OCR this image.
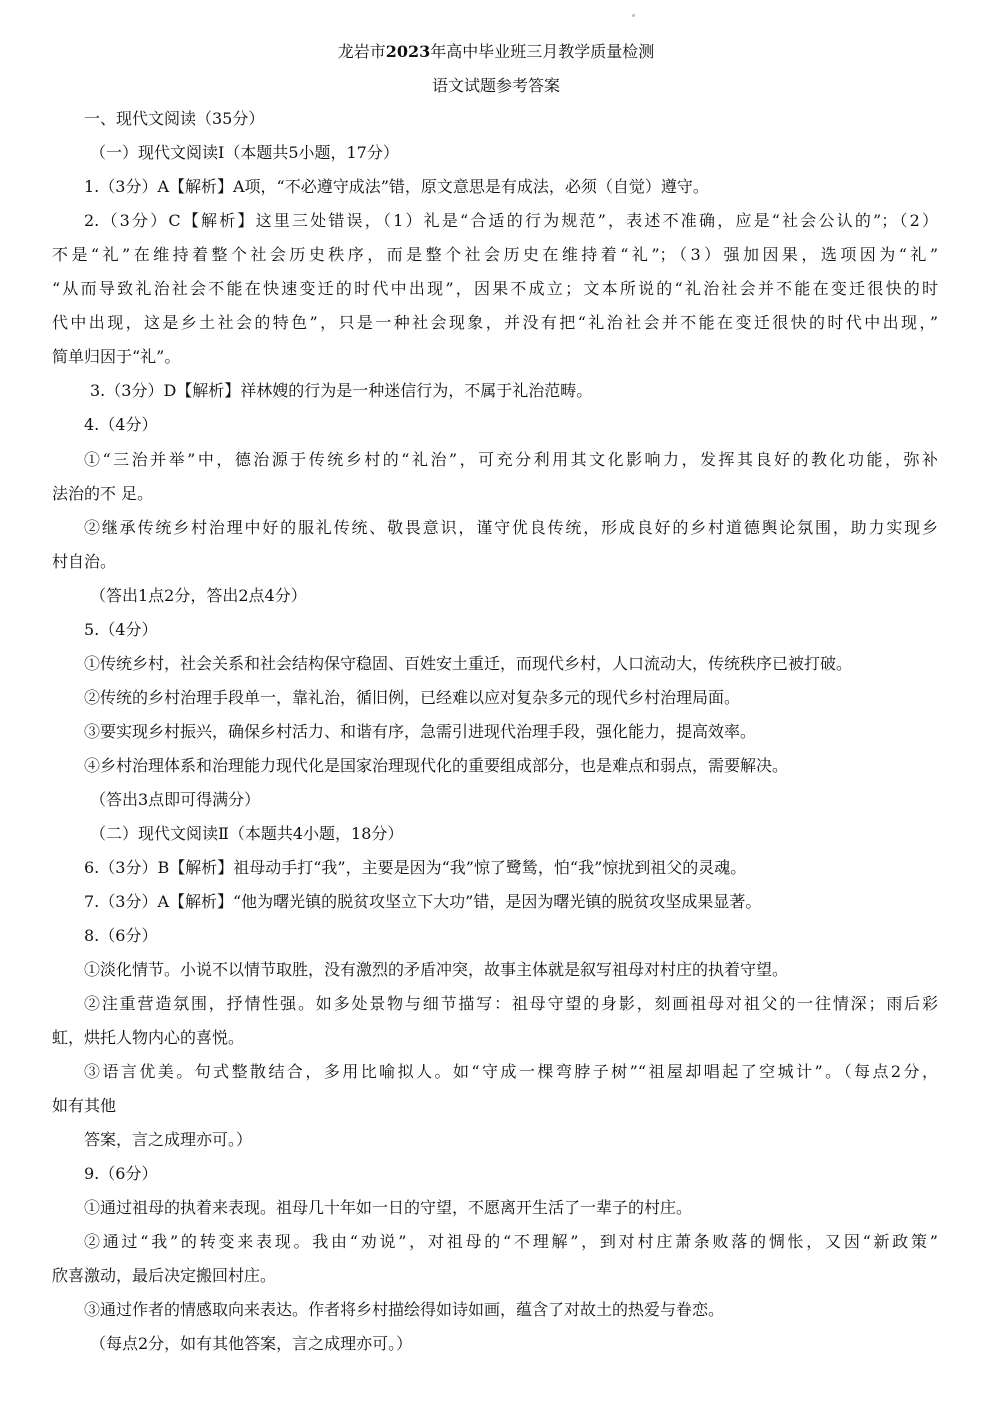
龙岩市2023年高中毕业班三月教学质量检测
语文试题参考答案
一、现代文阅读（35分）
（一）现代文阅读Ⅰ（本题共5小题，17分）
1.（3分）A【解析】A项，“不必遵守成法”错，原文意思是有成法，必须（自觉）遵守。
2.（3分）C【解析】这里三处错误，（1）礼是“合适的行为规范”，表述不准确，应是“社会公认的”；（2）
不是“礼”在维持着整个社会历史秩序，而是整个社会历史在维持着“礼”；（3）强加因果，选项因为“礼”
“从而导致礼治社会不能在快速变迁的时代中出现”，因果不成立；文本所说的“礼治社会并不能在变迁很快的时
代中出现，这是乡土社会的特色”，只是一种社会现象，并没有把“礼治社会并不能在变迁很快的时代中出现，”
简单归因于“礼”。
3.（3分）D【解析】祥林嫂的行为是一种迷信行为，不属于礼治范畴。
4.（4分）
①“三治并举”中，德治源于传统乡村的“礼治”，可充分利用其文化影响力，发挥其良好的教化功能，弥补
法治的不 足。
②继承传统乡村治理中好的服礼传统、敬畏意识，谨守优良传统，形成良好的乡村道德舆论氛围，助力实现乡
村自治。
（答出1点2分，答出2点4分）
5.（4分）
①传统乡村，社会关系和社会结构保守稳固、百姓安土重迁，而现代乡村，人口流动大，传统秩序已被打破。
②传统的乡村治理手段单一，靠礼治，循旧例，已经难以应对复杂多元的现代乡村治理局面。
③要实现乡村振兴，确保乡村活力、和谐有序，急需引进现代治理手段，强化能力，提高效率。
④乡村治理体系和治理能力现代化是国家治理现代化的重要组成部分，也是难点和弱点，需要解决。
（答出3点即可得满分）
（二）现代文阅读Ⅱ（本题共4小题，18分）
6.（3分）B【解析】祖母动手打“我”，主要是因为“我”惊了鹭鸶，怕“我”惊扰到祖父的灵魂。
7.（3分）A【解析】“他为曙光镇的脱贫攻坚立下大功”错，是因为曙光镇的脱贫攻坚成果显著。
8.（6分）
①淡化情节。小说不以情节取胜，没有激烈的矛盾冲突，故事主体就是叙写祖母对村庄的执着守望。
②注重营造氛围，抒情性强。如多处景物与细节描写：祖母守望的身影，刻画祖母对祖父的一往情深；雨后彩
虹，烘托人物内心的喜悦。
③语言优美。句式整散结合，多用比喻拟人。如“守成一棵弯脖子树”“祖屋却唱起了空城计”。（每点2分，
如有其他
答案，言之成理亦可。）
9.（6分）
①通过祖母的执着来表现。祖母几十年如一日的守望，不愿离开生活了一辈子的村庄。
②通过“我”的转变来表现。我由“劝说”，对祖母的“不理解”，到对村庄萧条败落的惆怅，又因“新政策”
欣喜激动，最后决定搬回村庄。
③通过作者的情感取向来表达。作者将乡村描绘得如诗如画，蕴含了对故土的热爱与眷恋。
（每点2分，如有其他答案，言之成理亦可。）
